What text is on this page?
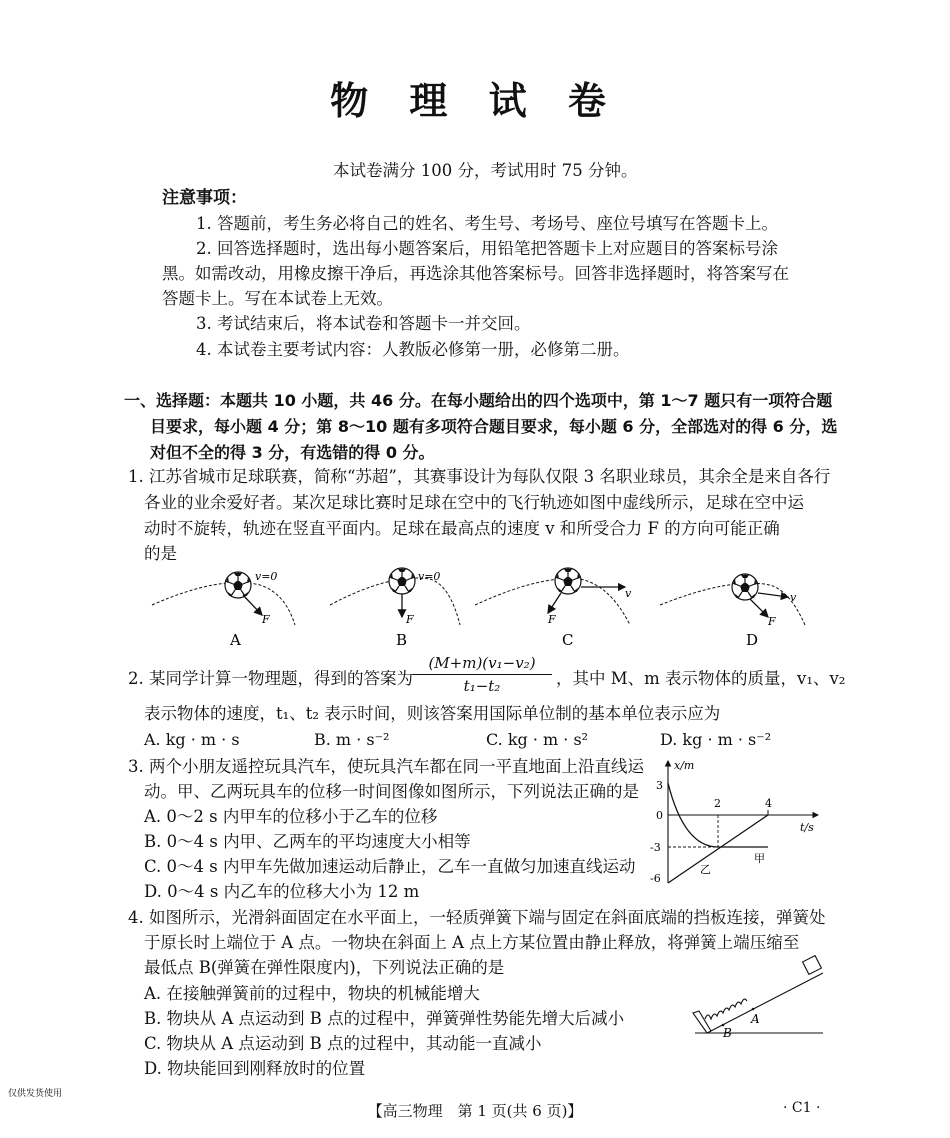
物 理 试 卷
本试卷满分 100 分，考试用时 75 分钟。
注意事项：
1. 答题前，考生务必将自己的姓名、考生号、考场号、座位号填写在答题卡上。
2. 回答选择题时，选出每小题答案后，用铅笔把答题卡上对应题目的答案标号涂
黑。如需改动，用橡皮擦干净后，再选涂其他答案标号。回答非选择题时，将答案写在
答题卡上。写在本试卷上无效。
3. 考试结束后，将本试卷和答题卡一并交回。
4. 本试卷主要考试内容：人教版必修第一册，必修第二册。
一、选择题：本题共 10 小题，共 46 分。在每小题给出的四个选项中，第 1～7 题只有一项符合题
目要求，每小题 4 分；第 8～10 题有多项符合题目要求，每小题 6 分，全部选对的得 6 分，选
对但不全的得 3 分，有选错的得 0 分。
1. 江苏省城市足球联赛，简称“苏超”，其赛事设计为每队仅限 3 名职业球员，其余全是来自各行
各业的业余爱好者。某次足球比赛时足球在空中的飞行轨迹如图中虚线所示，足球在空中运
动时不旋转，轨迹在竖直平面内。足球在最高点的速度 v 和所受合力 F 的方向可能正确
的是
v=0
F
A
v=0
F
B
v
F
C
v
F
D
2. 某同学计算一物理题，得到的答案为 $\frac{\text{(M+m)(v₁−v₂)}}{\text{t₁−t₂}}$ ，其中 M、m 表示物体的质量，v₁、v₂
表示物体的速度，t₁、t₂ 表示时间，则该答案用国际单位制的基本单位表示应为
A. kg · m · s	B. m · s⁻²	C. kg · m · s²	D. kg · m · s⁻²
3. 两个小朋友遥控玩具汽车，使玩具汽车都在同一平直地面上沿直线运
动。甲、乙两玩具车的位移一时间图像如图所示，下列说法正确的是
A. 0～2 s 内甲车的位移小于乙车的位移
B. 0～4 s 内甲、乙两车的平均速度大小相等
C. 0～4 s 内甲车先做加速运动后静止，乙车一直做匀加速直线运动
D. 0～4 s 内乙车的位移大小为 12 m
x/m
t/s
3
0
-3
-6
2	4
甲
乙
4. 如图所示，光滑斜面固定在水平面上，一轻质弹簧下端与固定在斜面底端的挡板连接，弹簧处
于原长时上端位于 A 点。一物块在斜面上 A 点上方某位置由静止释放，将弹簧上端压缩至
最低点 B(弹簧在弹性限度内)，下列说法正确的是
A. 在接触弹簧前的过程中，物块的机械能增大
B. 物块从 A 点运动到 B 点的过程中，弹簧弹性势能先增大后减小
C. 物块从 A 点运动到 B 点的过程中，其动能一直减小
D. 物块能回到刚释放时的位置
A
B
仅供发货使用
【高三物理　第 1 页(共 6 页)】	· C1 ·
